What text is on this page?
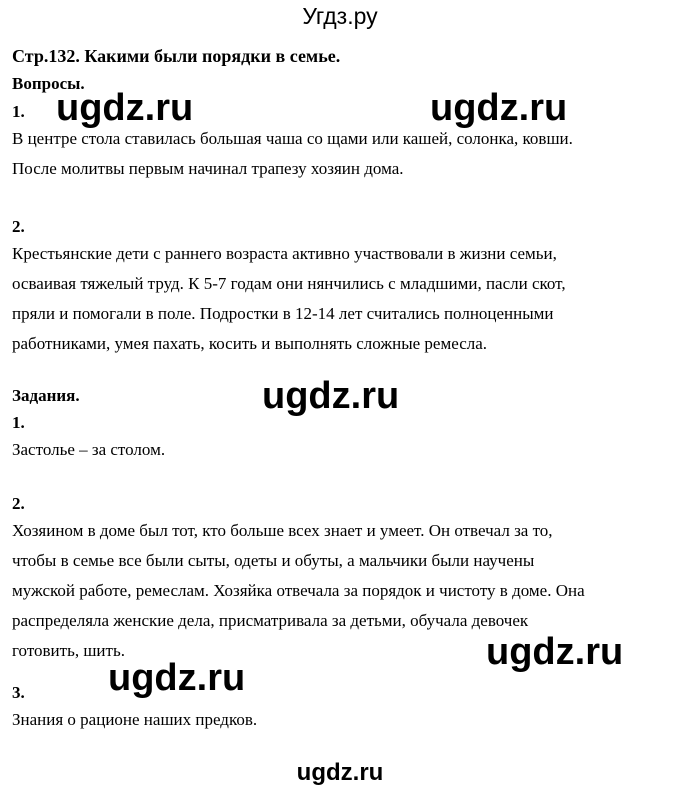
Угдз.ру
Стр.132. Какими были порядки в семье.
Вопросы.
1.
В центре стола ставилась большая чаша со щами или кашей, солонка, ковши.
После молитвы первым начинал трапезу хозяин дома.
2.
Крестьянские дети с раннего возраста активно участвовали в жизни семьи,
осваивая тяжелый труд. К 5-7 годам они нянчились с младшими, пасли скот,
пряли и помогали в поле. Подростки в 12-14 лет считались полноценными
работниками, умея пахать, косить и выполнять сложные ремесла.
Задания.
1.
Застолье – за столом.
2.
Хозяином в доме был тот, кто больше всех знает и умеет. Он отвечал за то,
чтобы в семье все были сыты, одеты и обуты, а мальчики были научены
мужской работе, ремеслам. Хозяйка отвечала за порядок и чистоту в доме. Она
распределяла женские дела, присматривала за детьми, обучала девочек
готовить, шить.
3.
Знания о рационе наших предков.
ugdz.ru	ugdz.ru
ugdz.ru
ugdz.ru
ugdz.ru
ugdz.ru
